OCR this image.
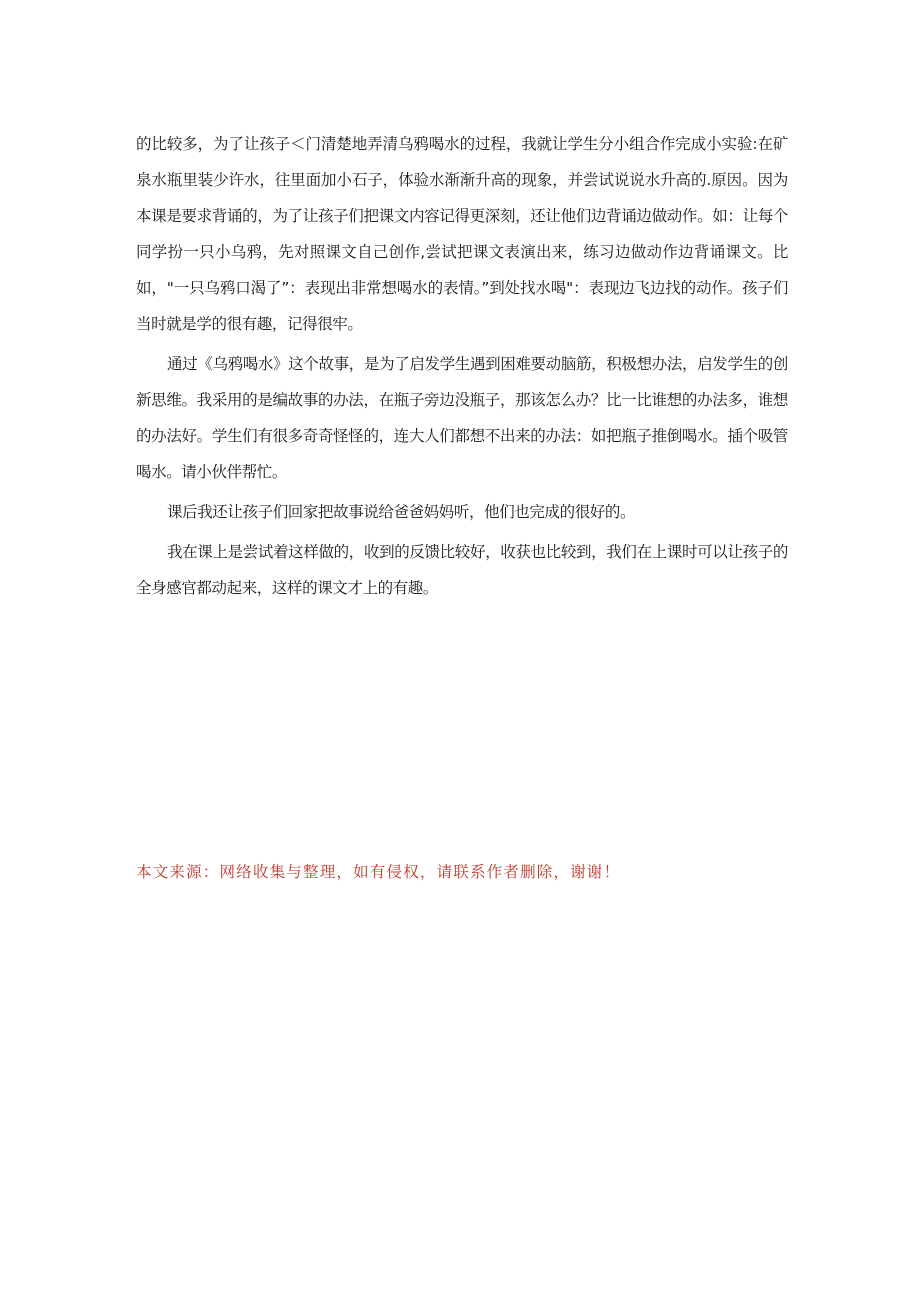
的比较多，为了让孩子＜门清楚地弄清乌鸦喝水的过程，我就让学生分小组合作完成小实验:在矿泉水瓶里装少许水，往里面加小石子，体验水渐渐升高的现象，并尝试说说水升高的.原因。因为本课是要求背诵的，为了让孩子们把课文内容记得更深刻，还让他们边背诵边做动作。如：让每个同学扮一只小乌鸦，先对照课文自己创作,尝试把课文表演出来，练习边做动作边背诵课文。比如，"一只乌鸦口渴了”：表现出非常想喝水的表情。”到处找水喝"：表现边飞边找的动作。孩子们当时就是学的很有趣，记得很牢。

通过《乌鸦喝水》这个故事，是为了启发学生遇到困难要动脑筋，积极想办法，启发学生的创新思维。我采用的是编故事的办法，在瓶子旁边没瓶子，那该怎么办？比一比谁想的办法多，谁想的办法好。学生们有很多奇奇怪怪的，连大人们都想不出来的办法：如把瓶子推倒喝水。插个吸管喝水。请小伙伴帮忙。

课后我还让孩子们回家把故事说给爸爸妈妈听，他们也完成的很好的。

我在课上是尝试着这样做的，收到的反馈比较好，收获也比较到，我们在上课时可以让孩子的全身感官都动起来，这样的课文才上的有趣。

本文来源：网络收集与整理，如有侵权，请联系作者删除，谢谢！
